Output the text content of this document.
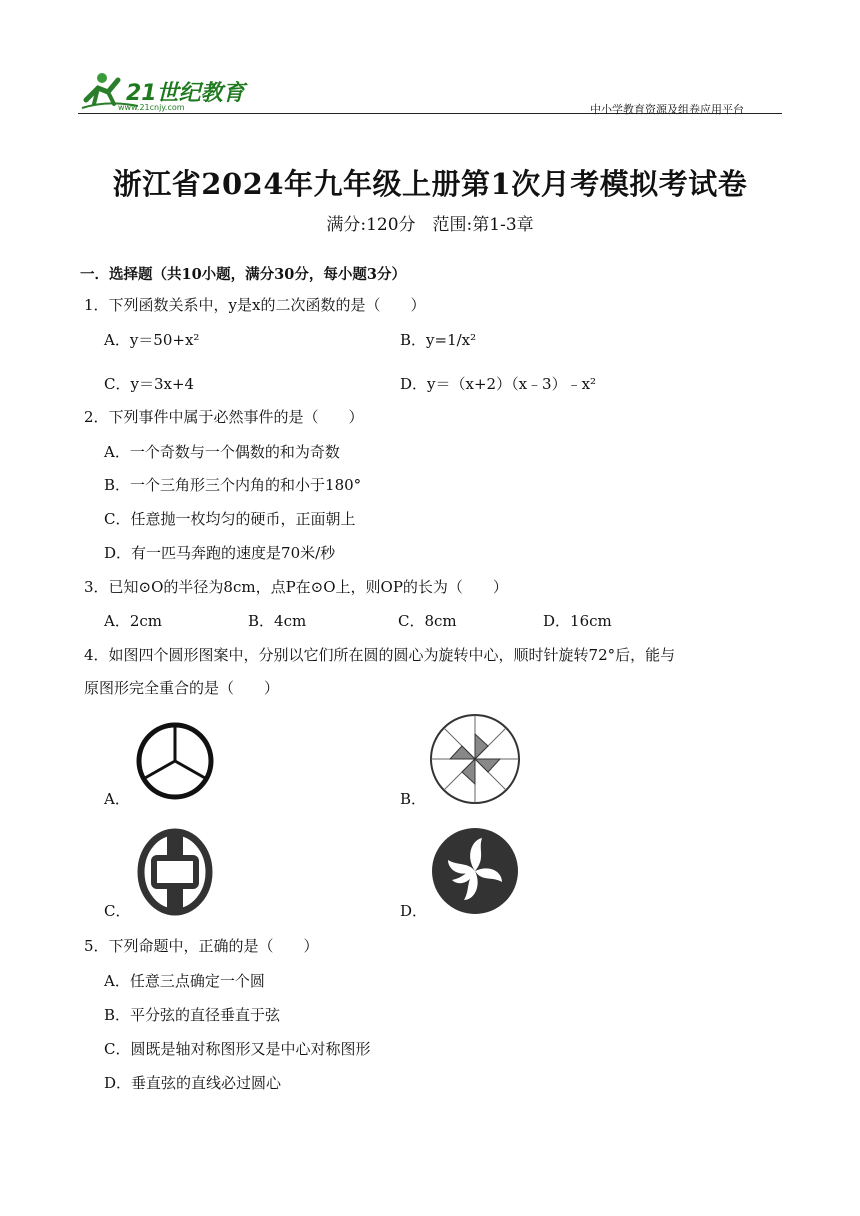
21世纪教育
www.21cnjy.com	中小学教育资源及组卷应用平台
浙江省2024年九年级上册第1次月考模拟考试卷
满分:120分　范围:第1-3章
一．选择题（共10小题，满分30分，每小题3分）
1．下列函数关系中，y是x的二次函数的是（　　）
A．y＝50+x²	B．y=1/x²
C．y＝3x+4	D．y＝（x+2）（x﹣3）﹣x²
2．下列事件中属于必然事件的是（　　）
A．一个奇数与一个偶数的和为奇数
B．一个三角形三个内角的和小于180°
C．任意抛一枚均匀的硬币，正面朝上
D．有一匹马奔跑的速度是70米/秒
3．已知⊙O的半径为8cm，点P在⊙O上，则OP的长为（　　）
A．2cm	B．4cm	C．8cm	D．16cm
4．如图四个圆形图案中，分别以它们所在圆的圆心为旋转中心，顺时针旋转72°后，能与
原图形完全重合的是（　　）
A．	B．
C．	D．
5．下列命题中，正确的是（　　）
A．任意三点确定一个圆
B．平分弦的直径垂直于弦
C．圆既是轴对称图形又是中心对称图形
D．垂直弦的直线必过圆心
